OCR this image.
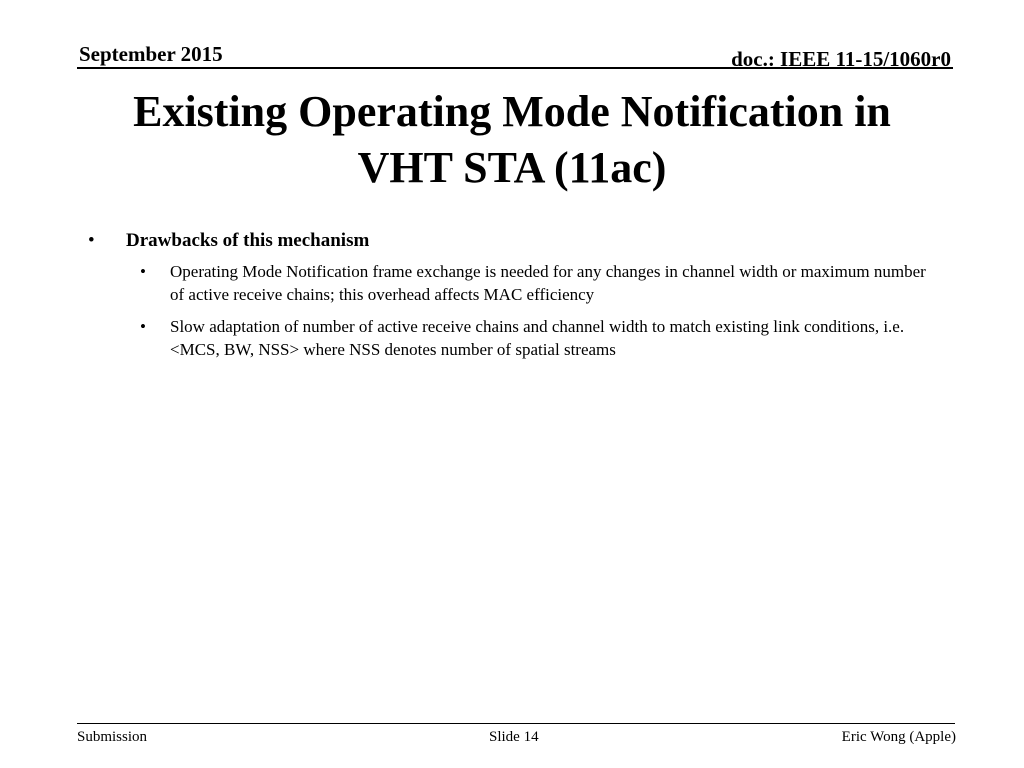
September 2015	doc.: IEEE 11-15/1060r0
Existing Operating Mode Notification in VHT STA (11ac)
• Drawbacks of this mechanism
• Operating Mode Notification frame exchange is needed for any changes in channel width or maximum number of active receive chains; this overhead affects MAC efficiency
• Slow adaptation of number of active receive chains and channel width to match existing link conditions, i.e. <MCS, BW, NSS> where NSS denotes number of spatial streams
Submission	Slide 14	Eric Wong (Apple)
